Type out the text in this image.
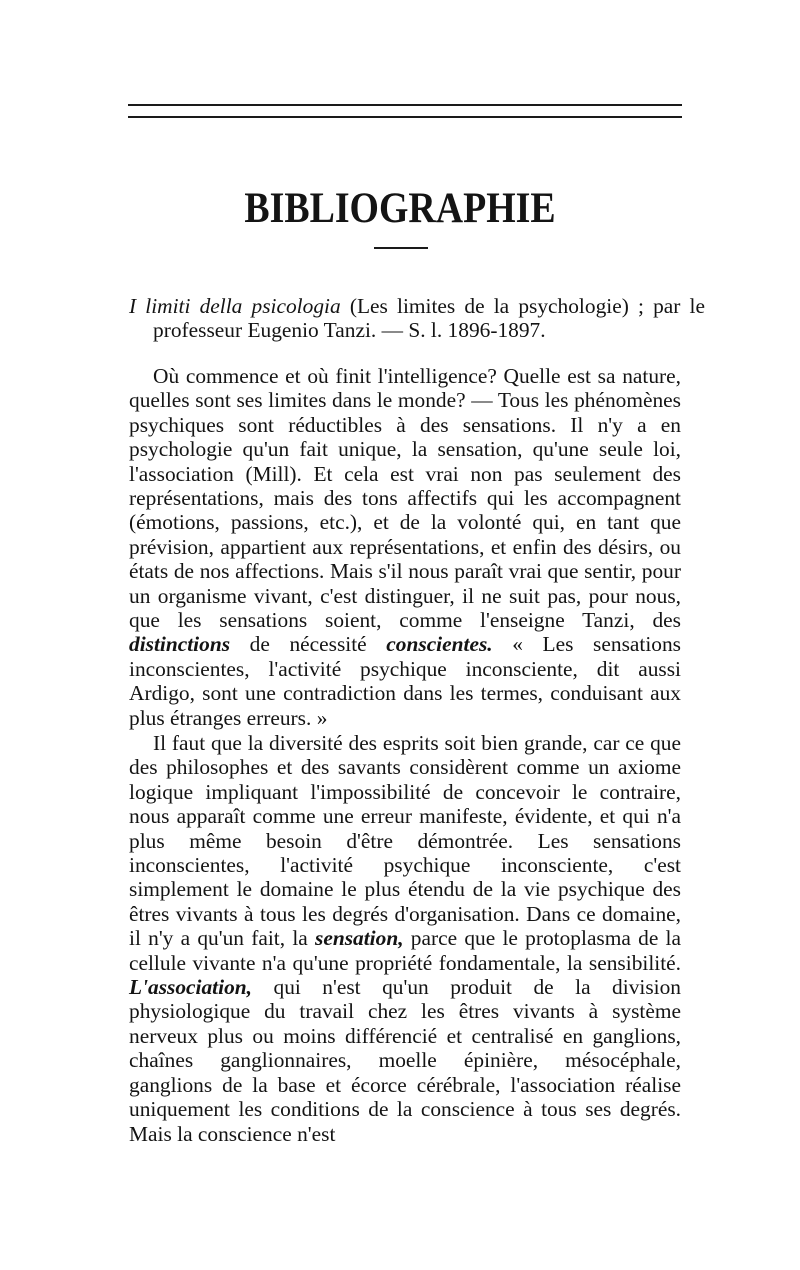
BIBLIOGRAPHIE
I limiti della psicologia (Les limites de la psychologie) ; par le professeur Eugenio Tanzi. — S. l. 1896-1897.

Où commence et où finit l'intelligence? Quelle est sa nature, quelles sont ses limites dans le monde? — Tous les phénomènes psychiques sont réductibles à des sensations. Il n'y a en psychologie qu'un fait unique, la sensation, qu'une seule loi, l'association (Mill). Et cela est vrai non pas seulement des représentations, mais des tons affectifs qui les accompagnent (émotions, passions, etc.), et de la volonté qui, en tant que prévision, appartient aux représentations, et enfin des désirs, ou états de nos affections. Mais s'il nous paraît vrai que sentir, pour un organisme vivant, c'est distinguer, il ne suit pas, pour nous, que les sensations soient, comme l'enseigne Tanzi, des distinctions de nécessité conscientes. « Les sensations inconscientes, l'activité psychique inconsciente, dit aussi Ardigo, sont une contradiction dans les termes, conduisant aux plus étranges erreurs. »

Il faut que la diversité des esprits soit bien grande, car ce que des philosophes et des savants considèrent comme un axiome logique impliquant l'impossibilité de concevoir le contraire, nous apparaît comme une erreur manifeste, évidente, et qui n'a plus même besoin d'être démontrée. Les sensations inconscientes, l'activité psychique inconsciente, c'est simplement le domaine le plus étendu de la vie psychique des êtres vivants à tous les degrés d'organisation. Dans ce domaine, il n'y a qu'un fait, la sensation, parce que le protoplasma de la cellule vivante n'a qu'une propriété fondamentale, la sensibilité. L'association, qui n'est qu'un produit de la division physiologique du travail chez les êtres vivants à système nerveux plus ou moins différencié et centralisé en ganglions, chaînes ganglionnaires, moelle épinière, mésocéphale, ganglions de la base et écorce cérébrale, l'association réalise uniquement les conditions de la conscience à tous ses degrés. Mais la conscience n'est
